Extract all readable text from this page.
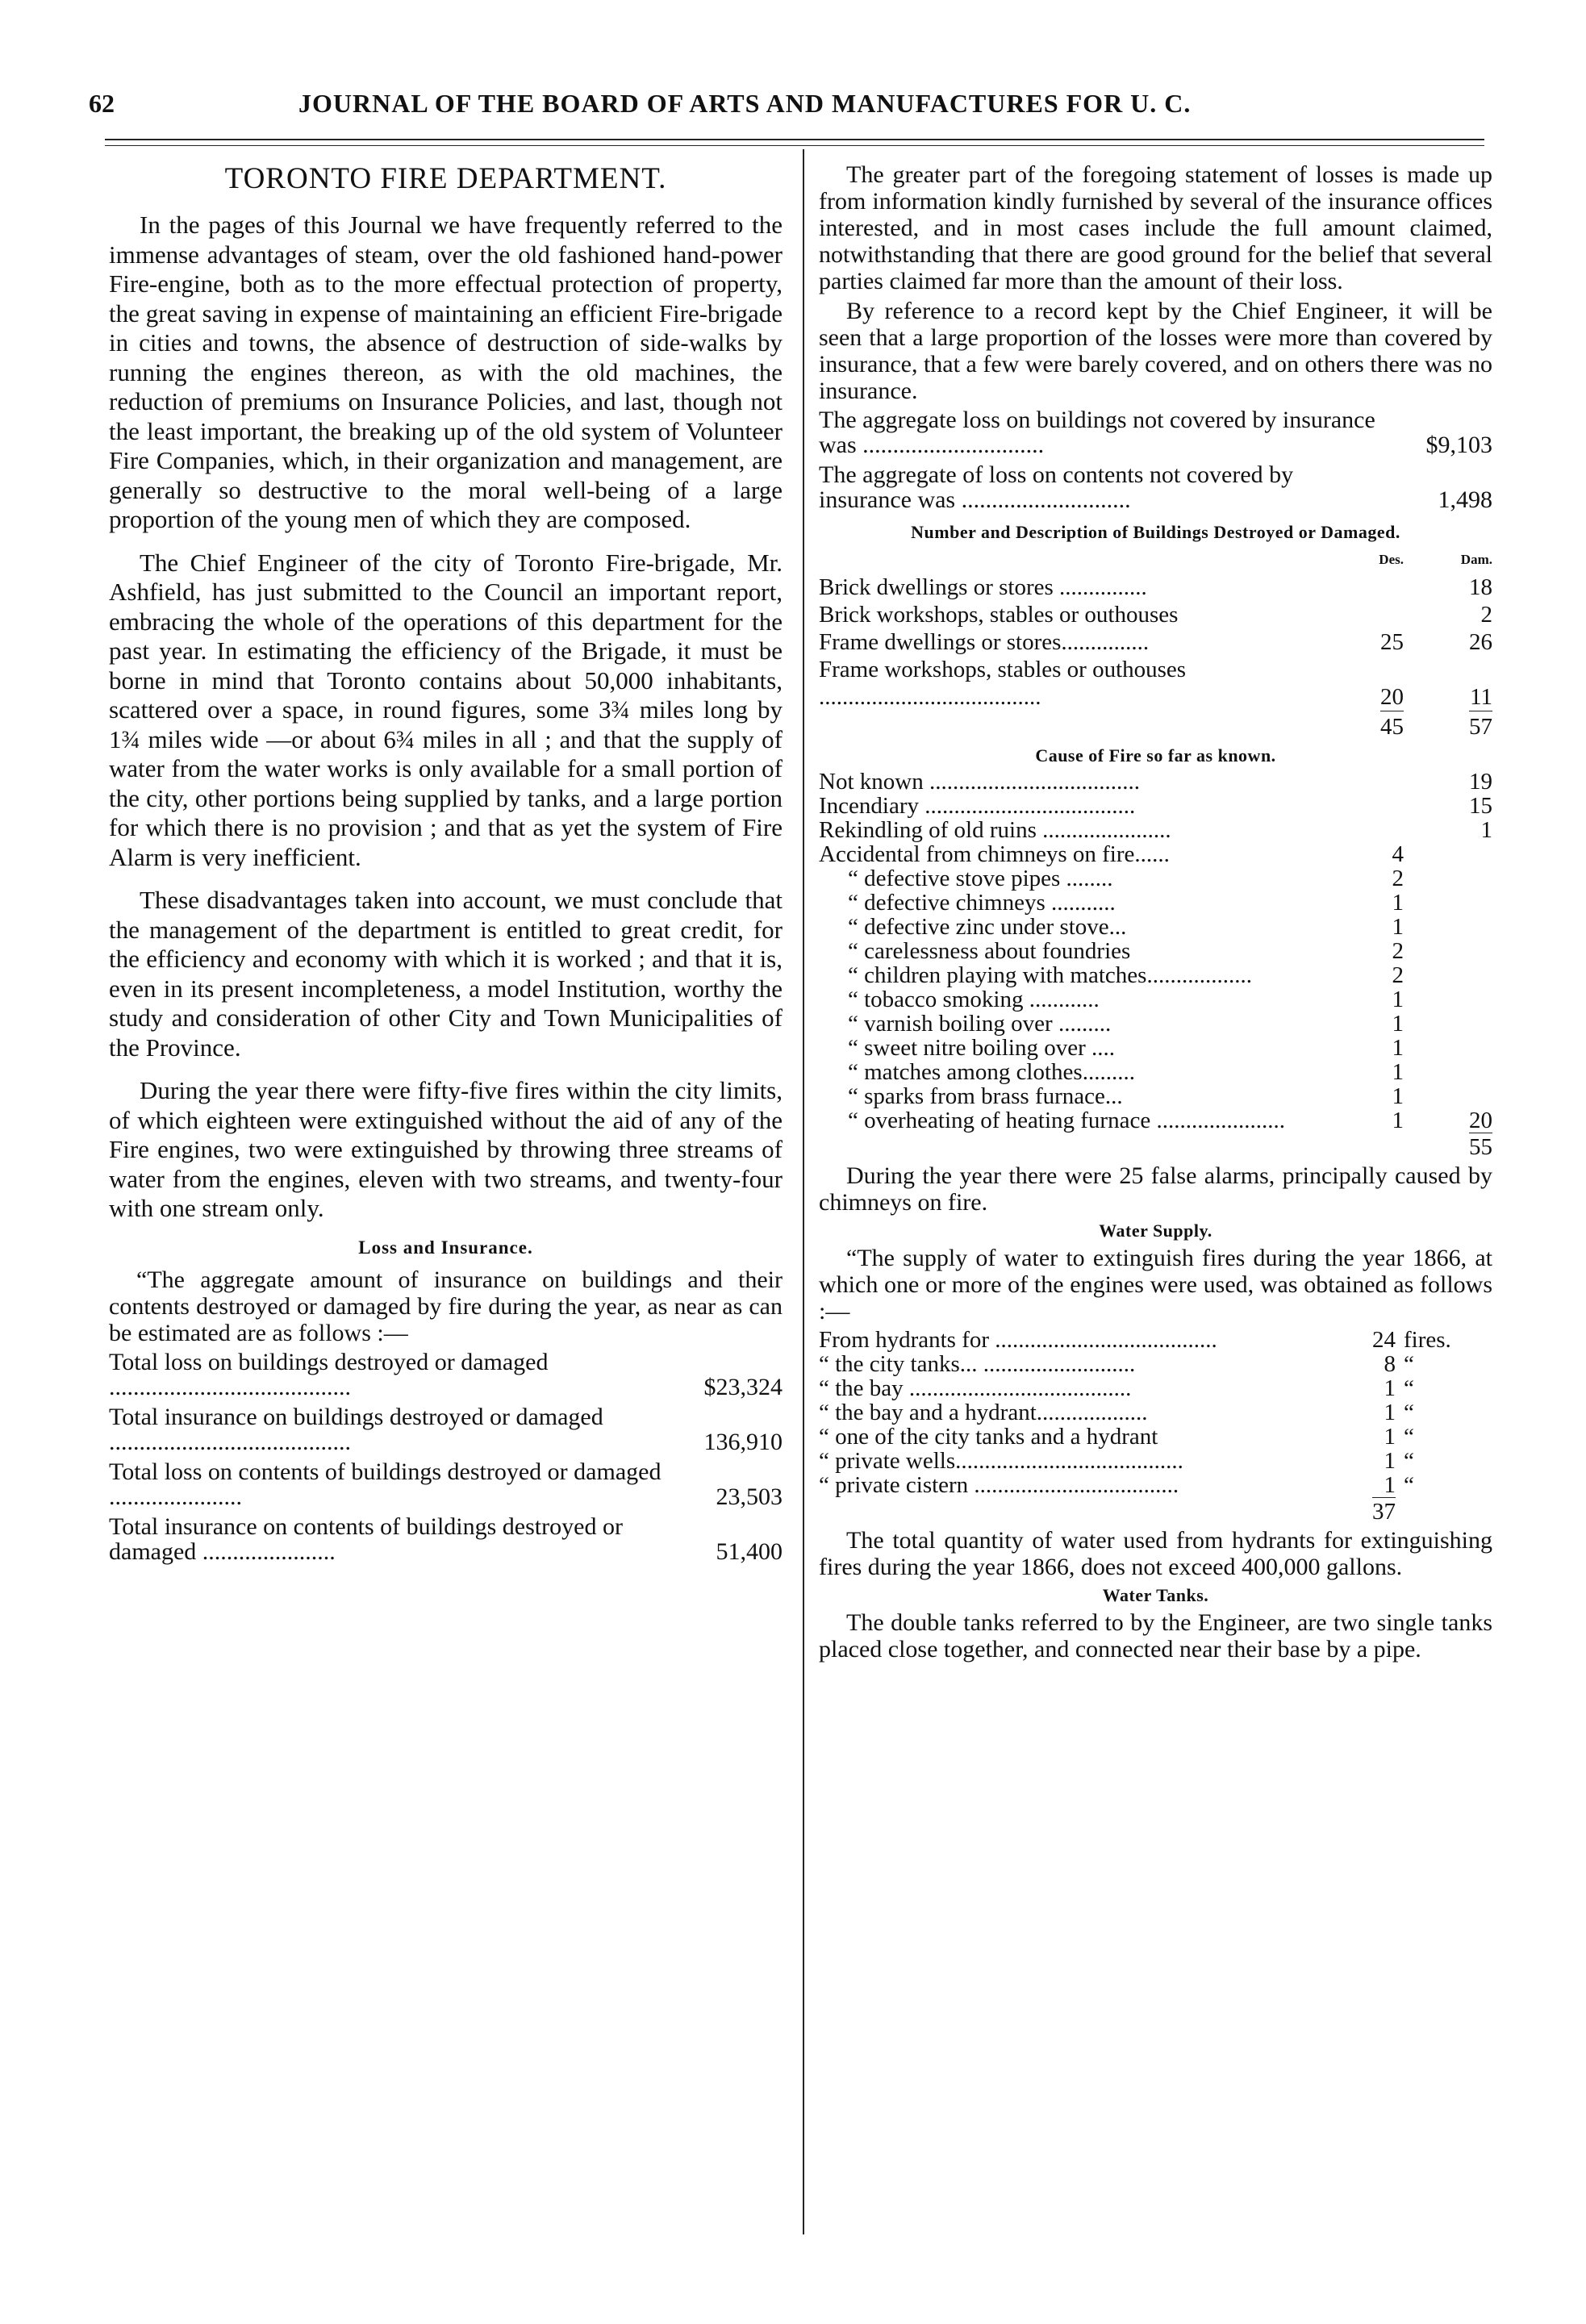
62	JOURNAL OF THE BOARD OF ARTS AND MANUFACTURES FOR U. C.
TORONTO FIRE DEPARTMENT.

In the pages of this Journal we have frequently referred to the immense advantages of steam, over the old fashioned hand-power Fire-engine, both as to the more effectual protection of property, the great saving in expense of maintaining an efficient Fire-brigade in cities and towns, the absence of destruction of side-walks by running the engines thereon, as with the old machines, the reduction of premiums on Insurance Policies, and last, though not the least important, the breaking up of the old system of Volunteer Fire Companies, which, in their organization and management, are generally so destructive to the moral well-being of a large proportion of the young men of which they are composed.

The Chief Engineer of the city of Toronto Fire-brigade, Mr. Ashfield, has just submitted to the Council an important report, embracing the whole of the operations of this department for the past year. In estimating the efficiency of the Brigade, it must be borne in mind that Toronto contains about 50,000 inhabitants, scattered over a space, in round figures, some 3¾ miles long by 1¾ miles wide —or about 6¾ miles in all ; and that the supply of water from the water works is only available for a small portion of the city, other portions being supplied by tanks, and a large portion for which there is no provision ; and that as yet the system of Fire Alarm is very inefficient.

These disadvantages taken into account, we must conclude that the management of the department is entitled to great credit, for the efficiency and economy with which it is worked ; and that it is, even in its present incompleteness, a model Institution, worthy the study and consideration of other City and Town Municipalities of the Province.

During the year there were fifty-five fires within the city limits, of which eighteen were extinguished without the aid of any of the Fire engines, two were extinguished by throwing three streams of water from the engines, eleven with two streams, and twenty-four with one stream only.

Loss and Insurance.

“The aggregate amount of insurance on buildings and their contents destroyed or damaged by fire during the year, as near as can be estimated are as follows :—

Total loss on buildings destroyed or damaged ........................................	$23,324
Total insurance on buildings destroyed or damaged ........................................	136,910
Total loss on contents of buildings destroyed or damaged ......................	23,503
Total insurance on contents of buildings destroyed or damaged ......................	51,400

The greater part of the foregoing statement of losses is made up from information kindly furnished by several of the insurance offices interested, and in most cases include the full amount claimed, notwithstanding that there are good ground for the belief that several parties claimed far more than the amount of their loss.

By reference to a record kept by the Chief Engineer, it will be seen that a large proportion of the losses were more than covered by insurance, that a few were barely covered, and on others there was no insurance.

The aggregate loss on buildings not covered by insurance was ..............................	$9,103
The aggregate of loss on contents not covered by insurance was ............................	1,498
Number and Description of Buildings Destroyed or Damaged.
	Des.	Dam.
Brick dwellings or stores ...............		18
Brick workshops, stables or outhouses		2
Frame dwellings or stores...............	25	26
Frame workshops, stables or outhouses ......................................	20	11
	45	57
Cause of Fire so far as known.
Not known ....................................		19
Incendiary ....................................		15
Rekindling of old ruins ......................		1
Accidental from chimneys on fire......	4	
“ defective stove pipes ........	2	
“ defective chimneys ...........	1	
“ defective zinc under stove...	1	
“ carelessness about foundries	2	
“ children playing with matches..................	2	
“ tobacco smoking ............	1	
“ varnish boiling over .........	1	
“ sweet nitre boiling over ....	1	
“ matches among clothes.........	1	
“ sparks from brass furnace...	1	
“ overheating of heating furnace ......................	1	20
		55

During the year there were 25 false alarms, principally caused by chimneys on fire.

Water Supply.

“The supply of water to extinguish fires during the year 1866, at which one or more of the engines were used, was obtained as follows :—

From hydrants for ......................................	24	fires.
“ the city tanks... ..........................	8	“
“ the bay ......................................	1	“
“ the bay and a hydrant...................	1	“
“ one of the city tanks and a hydrant	1	“
“ private wells.......................................	1	“
“ private cistern ...................................	1	“
	37	

The total quantity of water used from hydrants for extinguishing fires during the year 1866, does not exceed 400,000 gallons.

Water Tanks.

The double tanks referred to by the Engineer, are two single tanks placed close together, and connected near their base by a pipe.
